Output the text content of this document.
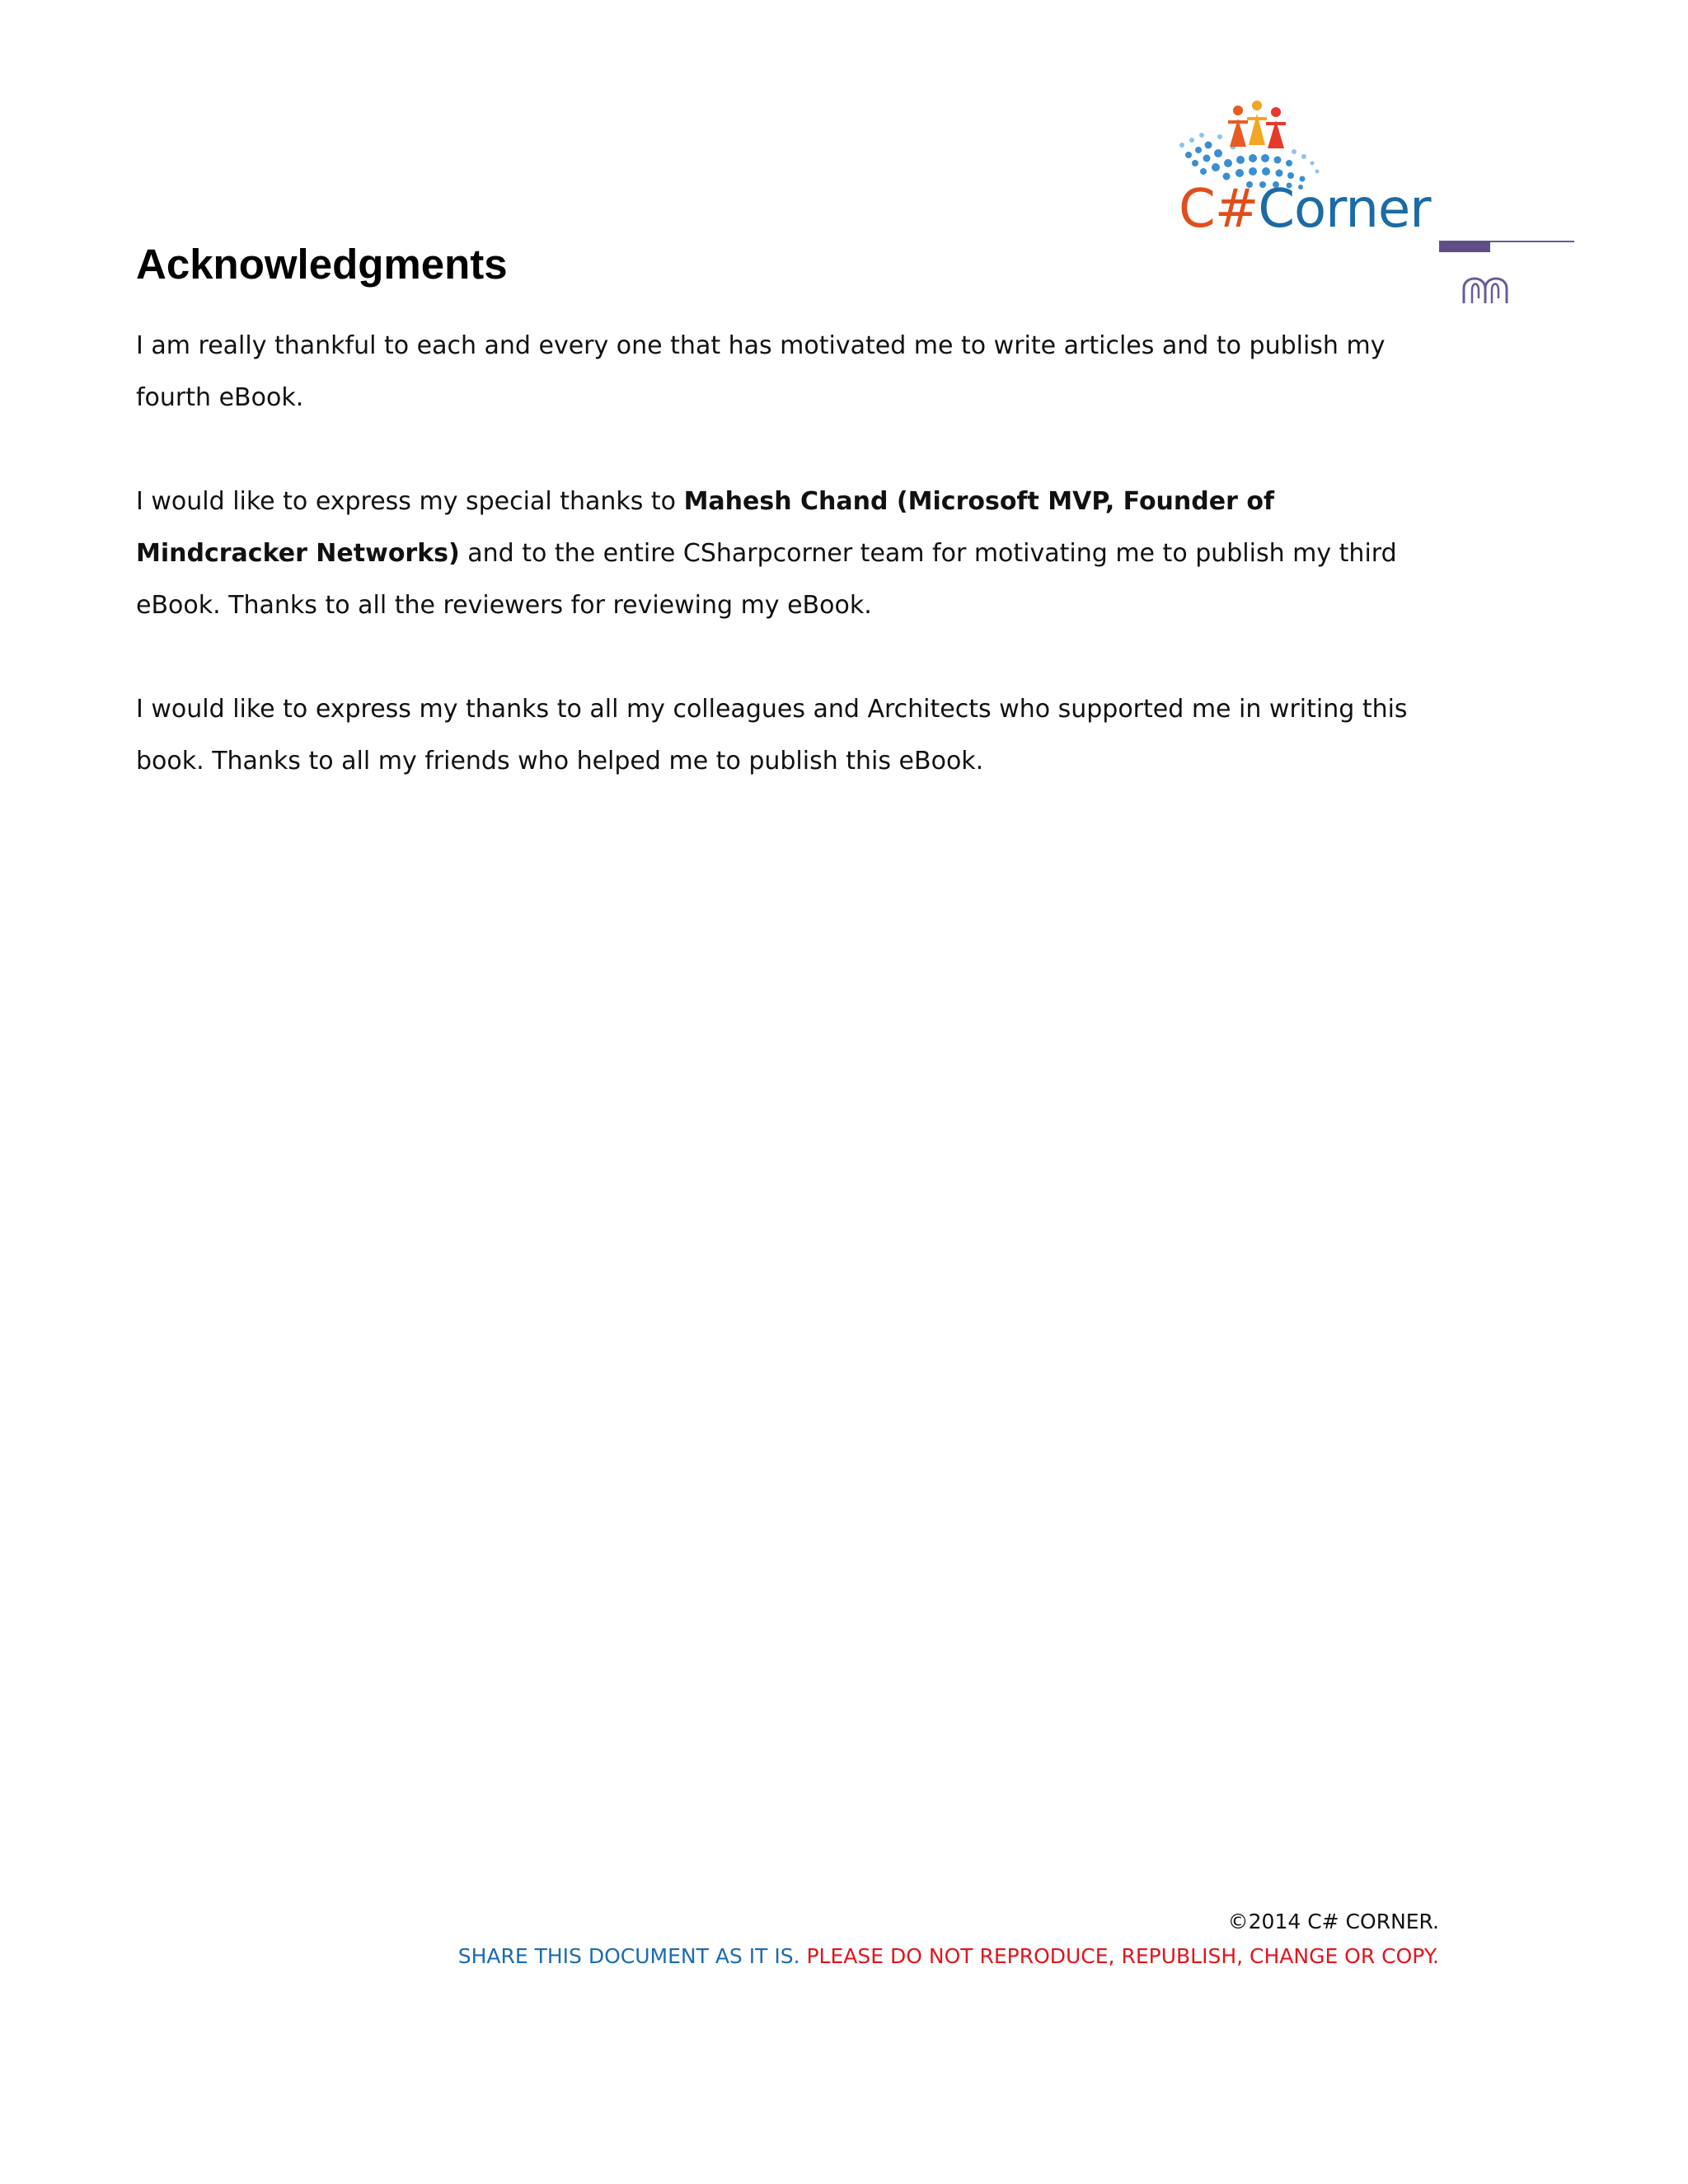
C#Corner
Acknowledgments

I am really thankful to each and every one that has motivated me to write articles and to publish my fourth eBook.

I would like to express my special thanks to Mahesh Chand (Microsoft MVP, Founder of Mindcracker Networks) and to the entire CSharpcorner team for motivating me to publish my third eBook. Thanks to all the reviewers for reviewing my eBook.

I would like to express my thanks to all my colleagues and Architects who supported me in writing this book. Thanks to all my friends who helped me to publish this eBook.

©2014 C# CORNER.
SHARE THIS DOCUMENT AS IT IS. PLEASE DO NOT REPRODUCE, REPUBLISH, CHANGE OR COPY.
